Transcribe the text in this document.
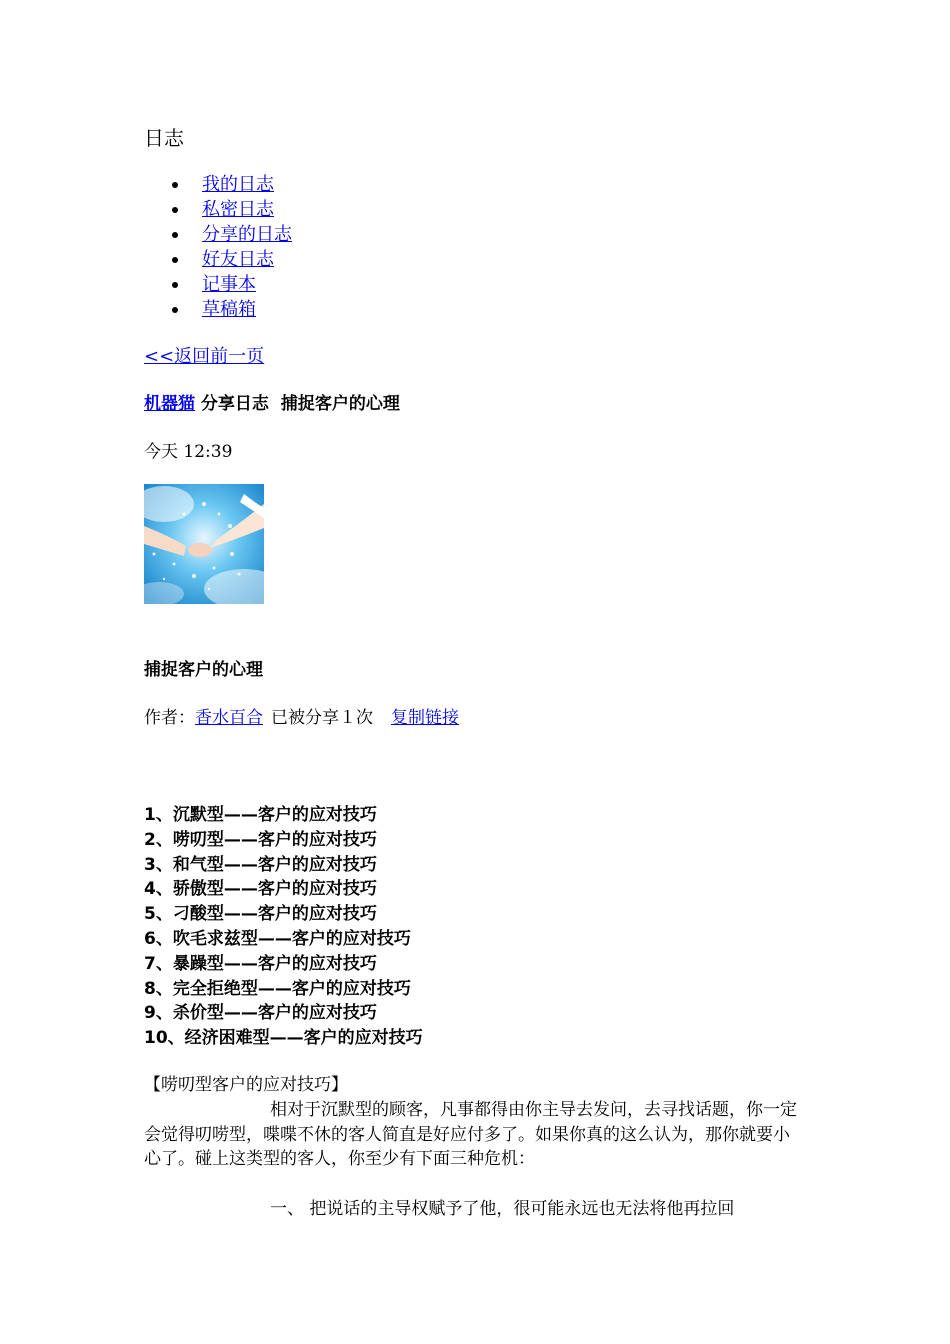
日志
我的日志
私密日志
分享的日志
好友日志
记事本
草稿箱
<<返回前一页
机器猫 分享日志 捕捉客户的心理
今天 12:39
捕捉客户的心理
作者：香水百合 已被分享１次 复制链接
1、沉默型——客户的应对技巧
2、唠叨型——客户的应对技巧
3、和气型——客户的应对技巧
4、骄傲型——客户的应对技巧
5、刁酸型——客户的应对技巧
6、吹毛求兹型——客户的应对技巧
7、暴躁型——客户的应对技巧
8、完全拒绝型——客户的应对技巧
9、杀价型——客户的应对技巧
10、经济困难型——客户的应对技巧

【唠叨型客户的应对技巧】

相对于沉默型的顾客，凡事都得由你主导去发问，去寻找话题，你一定会觉得叨唠型，喋喋不休的客人简直是好应付多了。如果你真的这么认为，那你就要小心了。碰上这类型的客人，你至少有下面三种危机：

一、 把说话的主导权赋予了他，很可能永远也无法将他再拉回
